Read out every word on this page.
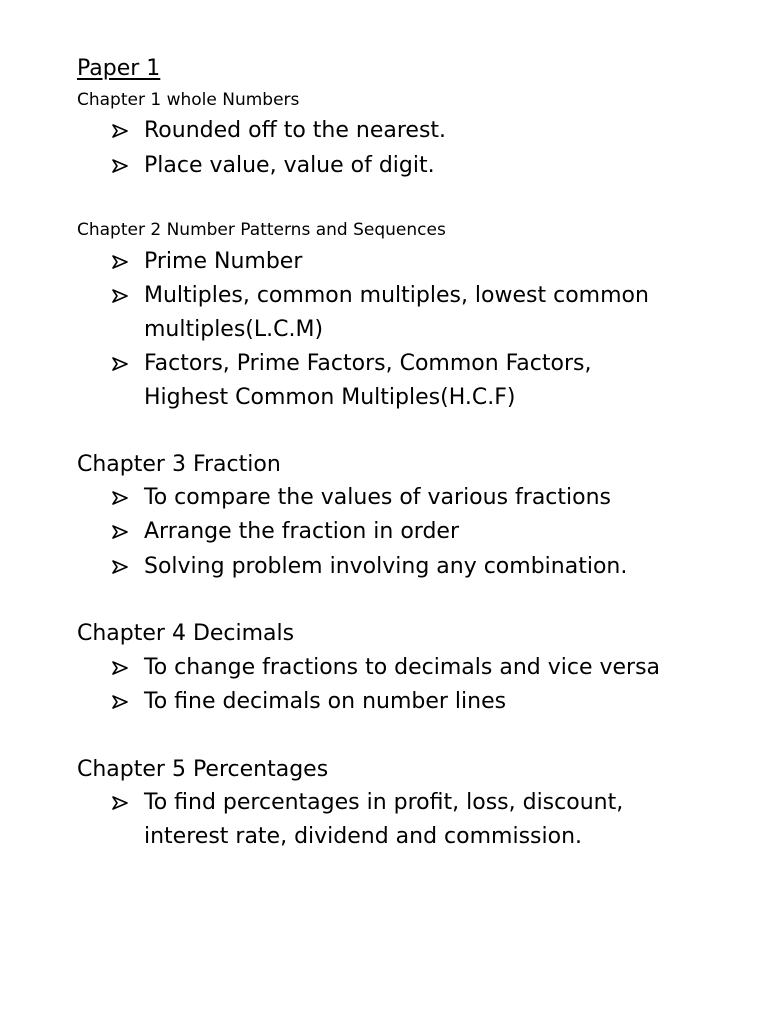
Paper 1
Chapter 1 whole Numbers
Rounded off to the nearest.
Place value, value of digit.
Chapter 2 Number Patterns and Sequences
Prime Number
Multiples, common multiples, lowest common
multiples(L.C.M)
Factors, Prime Factors, Common Factors,
Highest Common Multiples(H.C.F)
Chapter 3 Fraction
To compare the values of various fractions
Arrange the fraction in order
Solving problem involving any combination.
Chapter 4 Decimals
To change fractions to decimals and vice versa
To fine decimals on number lines
Chapter 5 Percentages
To find percentages in profit, loss, discount,
interest rate, dividend and commission.
